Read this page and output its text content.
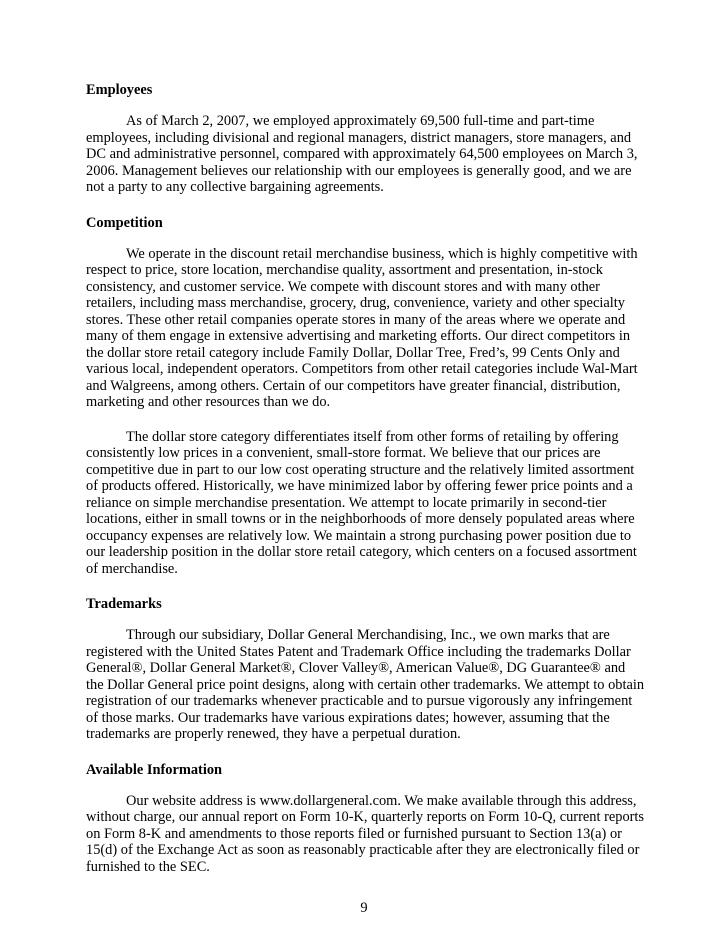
Employees
As of March 2, 2007, we employed approximately 69,500 full-time and part-time
employees, including divisional and regional managers, district managers, store managers, and
DC and administrative personnel, compared with approximately 64,500 employees on March 3,
2006. Management believes our relationship with our employees is generally good, and we are
not a party to any collective bargaining agreements.
Competition
We operate in the discount retail merchandise business, which is highly competitive with
respect to price, store location, merchandise quality, assortment and presentation, in-stock
consistency, and customer service. We compete with discount stores and with many other
retailers, including mass merchandise, grocery, drug, convenience, variety and other specialty
stores. These other retail companies operate stores in many of the areas where we operate and
many of them engage in extensive advertising and marketing efforts. Our direct competitors in
the dollar store retail category include Family Dollar, Dollar Tree, Fred’s, 99 Cents Only and
various local, independent operators. Competitors from other retail categories include Wal-Mart
and Walgreens, among others. Certain of our competitors have greater financial, distribution,
marketing and other resources than we do.
The dollar store category differentiates itself from other forms of retailing by offering
consistently low prices in a convenient, small-store format. We believe that our prices are
competitive due in part to our low cost operating structure and the relatively limited assortment
of products offered. Historically, we have minimized labor by offering fewer price points and a
reliance on simple merchandise presentation. We attempt to locate primarily in second-tier
locations, either in small towns or in the neighborhoods of more densely populated areas where
occupancy expenses are relatively low. We maintain a strong purchasing power position due to
our leadership position in the dollar store retail category, which centers on a focused assortment
of merchandise.
Trademarks
Through our subsidiary, Dollar General Merchandising, Inc., we own marks that are
registered with the United States Patent and Trademark Office including the trademarks Dollar
General®, Dollar General Market®, Clover Valley®, American Value®, DG Guarantee® and
the Dollar General price point designs, along with certain other trademarks. We attempt to obtain
registration of our trademarks whenever practicable and to pursue vigorously any infringement
of those marks. Our trademarks have various expirations dates; however, assuming that the
trademarks are properly renewed, they have a perpetual duration.
Available Information
Our website address is www.dollargeneral.com. We make available through this address,
without charge, our annual report on Form 10-K, quarterly reports on Form 10-Q, current reports
on Form 8-K and amendments to those reports filed or furnished pursuant to Section 13(a) or
15(d) of the Exchange Act as soon as reasonably practicable after they are electronically filed or
furnished to the SEC.
9
